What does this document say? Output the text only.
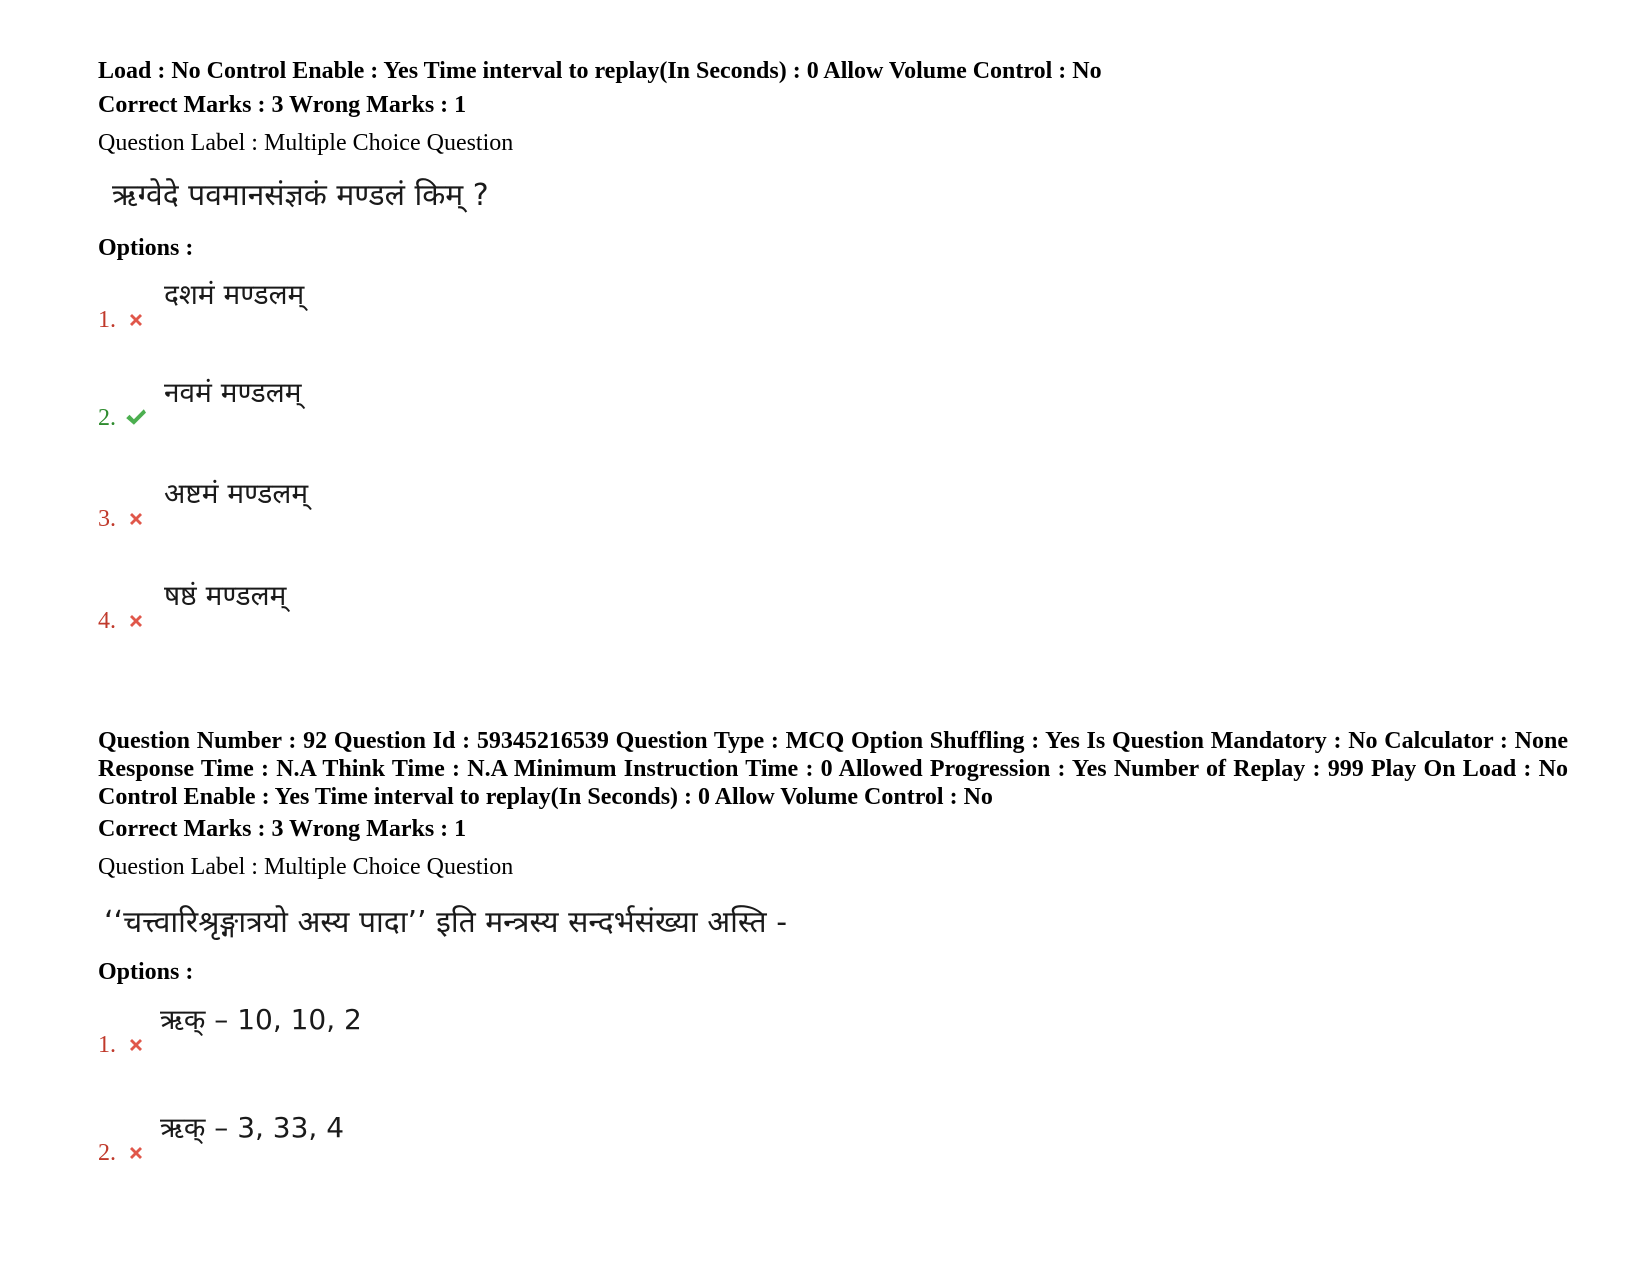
Load : No Control Enable : Yes Time interval to replay(In Seconds) : 0 Allow Volume Control : No
Correct Marks : 3 Wrong Marks : 1
Question Label : Multiple Choice Question
ऋग्वेदे पवमानसंज्ञकं मण्डलं किम् ?
Options :
1.
दशमं मण्डलम्
2.
नवमं मण्डलम्
3.
अष्टमं मण्डलम्
4.
षष्ठं मण्डलम्
Question Number : 92 Question Id : 59345216539 Question Type : MCQ Option Shuffling : Yes Is Question Mandatory : No Calculator : None Response Time : N.A Think Time : N.A Minimum Instruction Time : 0 Allowed Progression : Yes Number of Replay : 999 Play On Load : No Control Enable : Yes Time interval to replay(In Seconds) : 0 Allow Volume Control : No
Correct Marks : 3 Wrong Marks : 1
Question Label : Multiple Choice Question
‘‘चत्त्वारिश्रृङ्गात्रयो अस्य पादा’’ इति मन्त्रस्य सन्दर्भसंख्या अस्ति -
Options :
1.
ऋक् – 10, 10, 2
2.
ऋक् – 3, 33, 4
